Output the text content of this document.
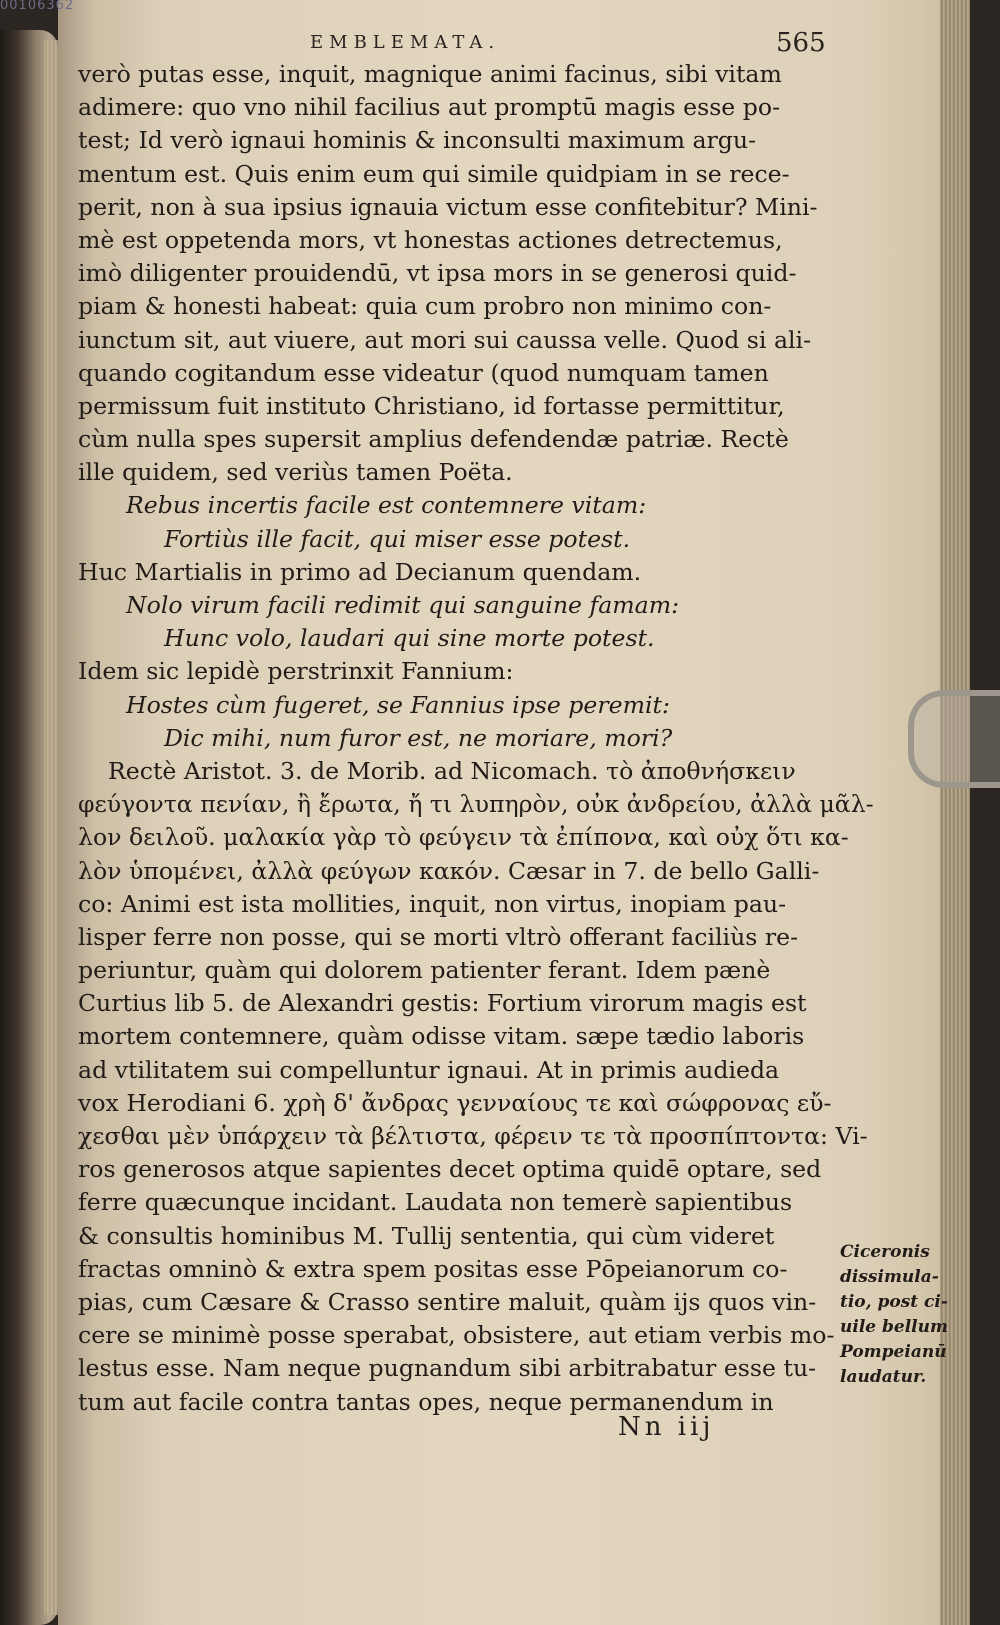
00106362
EMBLEMATA.	565
verò putas esse, inquit, magnique animi facinus, sibi vitam
adimere: quo vno nihil facilius aut promptū magis esse po-
test; Id verò ignaui hominis & inconsulti maximum argu-
mentum est. Quis enim eum qui simile quidpiam in se rece-
perit, non à sua ipsius ignauia victum esse confitebitur? Mini-
mè est oppetenda mors, vt honestas actiones detrectemus,
imò diligenter prouidendū, vt ipsa mors in se generosi quid-
piam & honesti habeat: quia cum probro non minimo con-
iunctum sit, aut viuere, aut mori sui caussa velle. Quod si ali-
quando cogitandum esse videatur (quod numquam tamen
permissum fuit instituto Christiano, id fortasse permittitur,
cùm nulla spes supersit amplius defendendæ patriæ. Rectè
ille quidem, sed veriùs tamen Poëta.
Rebus incertis facile est contemnere vitam:
Fortiùs ille facit, qui miser esse potest.
Huc Martialis in primo ad Decianum quendam.
Nolo virum facili redimit qui sanguine famam:
Hunc volo, laudari qui sine morte potest.
Idem sic lepidè perstrinxit Fannium:
Hostes cùm fugeret, se Fannius ipse peremit:
Dic mihi, num furor est, ne moriare, mori?
Rectè Aristot. 3. de Morib. ad Nicomach. τὸ ἀποθνήσκειν
φεύγοντα πενίαν, ἢ ἔρωτα, ἤ τι λυπηρὸν, οὐκ ἀνδρείου, ἀλλὰ μᾶλ-
λον δειλοῦ. μαλακία γὰρ τὸ φεύγειν τὰ ἐπίπονα, καὶ οὐχ ὅτι κα-
λὸν ὑπομένει, ἀλλὰ φεύγων κακόν. Cæsar in 7. de bello Galli-
co: Animi est ista mollities, inquit, non virtus, inopiam pau-
lisper ferre non posse, qui se morti vltrò offerant faciliùs re-
periuntur, quàm qui dolorem patienter ferant. Idem pænè
Curtius lib 5. de Alexandri gestis: Fortium virorum magis est
mortem contemnere, quàm odisse vitam. sæpe tædio laboris
ad vtilitatem sui compelluntur ignaui. At in primis audieda
vox Herodiani 6. χρὴ δ' ἄνδρας γενναίους τε καὶ σώφρονας εὔ-
χεσθαι μὲν ὑπάρχειν τὰ βέλτιστα, φέρειν τε τὰ προσπίπτοντα: Vi-
ros generosos atque sapientes decet optima quidē optare, sed
ferre quæcunque incidant. Laudata non temerè sapientibus
& consultis hominibus M. Tullij sententia, qui cùm videret
fractas omninò & extra spem positas esse Pōpeianorum co-
pias, cum Cæsare & Crasso sentire maluit, quàm ijs quos vin-
cere se minimè posse sperabat, obsistere, aut etiam verbis mo-
lestus esse. Nam neque pugnandum sibi arbitrabatur esse tu-
tum aut facile contra tantas opes, neque permanendum in
Ciceronis
dissimula-
tio, post ci-
uile bellum
Pompeianū
laudatur.
Nn iij
